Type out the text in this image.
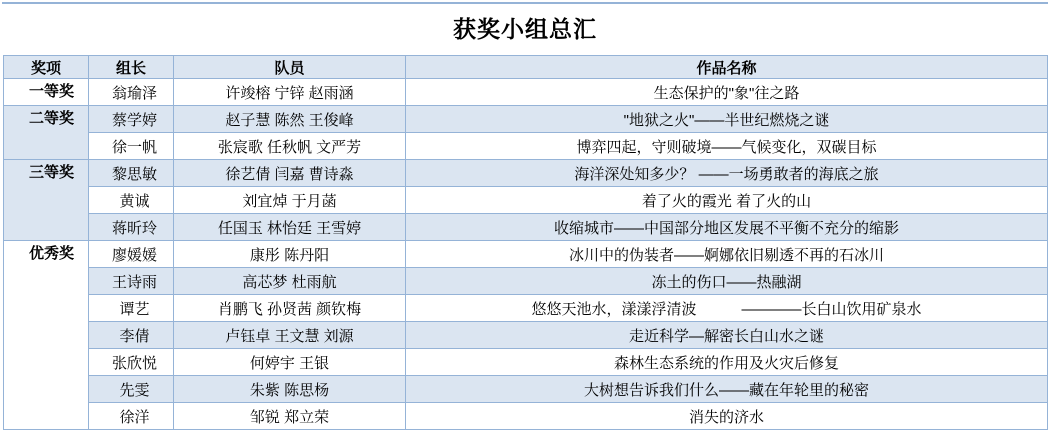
获奖小组总汇
奖项	组长	队员	作品名称
一等奖	翁瑜泽	许竣榕 宁锌 赵雨涵	生态保护的"象"往之路
二等奖	蔡学婷	赵子慧 陈然 王俊峰	"地狱之火"——半世纪燃烧之谜
	徐一帆	张宸歌 任秋帆 文严芳	博弈四起，守则破境——气候变化，双碳目标
三等奖	黎思敏	徐艺倩 闫嘉 曹诗淼	海洋深处知多少？ ——一场勇敢者的海底之旅
	黄诚	刘宜焯 于月菡	着了火的霞光 着了火的山
	蒋昕玲	任国玉 林怡廷 王雪婷	收缩城市——中国部分地区发展不平衡不充分的缩影
优秀奖	廖媛媛	康彤 陈丹阳	冰川中的伪装者——婀娜依旧剔透不再的石冰川
	王诗雨	高芯梦 杜雨航	冻土的伤口——热融湖
	谭艺	肖鹏飞 孙贤茜 颜钦梅	悠悠天池水，漾漾浮清波　　　————长白山饮用矿泉水
	李倩	卢钰卓 王文慧 刘源	走近科学—解密长白山水之谜
	张欣悦	何婷宇 王银	森林生态系统的作用及火灾后修复
	先雯	朱紫 陈思杨	大树想告诉我们什么——藏在年轮里的秘密
	徐洋	邹锐 郑立荣	消失的济水
